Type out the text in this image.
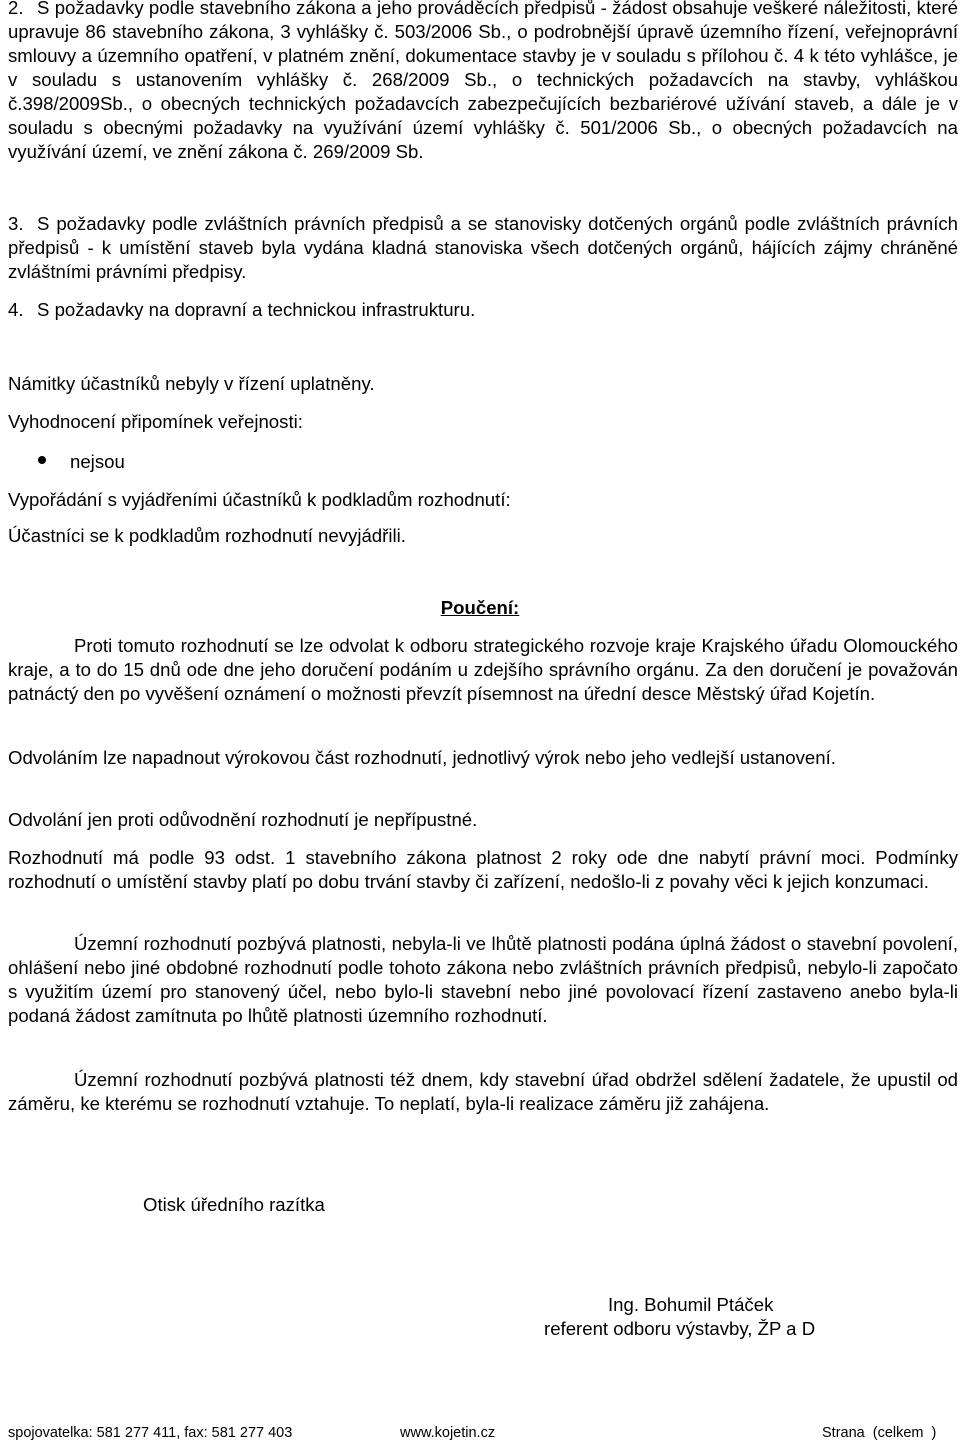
2. S požadavky podle stavebního zákona a jeho prováděcích předpisů - žádost obsahuje veškeré náležitosti, které upravuje 86 stavebního zákona, 3 vyhlášky č. 503/2006 Sb., o podrobnější úpravě územního řízení, veřejnoprávní smlouvy a územního opatření, v platném znění, dokumentace stavby je v souladu s přílohou č. 4 k této vyhlášce, je v souladu s ustanovením vyhlášky č. 268/2009 Sb., o technických požadavcích na stavby, vyhláškou č.398/2009Sb., o obecných technických požadavcích zabezpečujících bezbariérové užívání staveb, a dále je v souladu s obecnými požadavky na využívání území vyhlášky č. 501/2006 Sb., o obecných požadavcích na využívání území, ve znění zákona č. 269/2009 Sb.

3. S požadavky podle zvláštních právních předpisů a se stanovisky dotčených orgánů podle zvláštních právních předpisů - k umístění staveb byla vydána kladná stanoviska všech dotčených orgánů, hájících zájmy chráněné zvláštními právními předpisy.

4. S požadavky na dopravní a technickou infrastrukturu.

Námitky účastníků nebyly v řízení uplatněny.

Vyhodnocení připomínek veřejnosti:

nejsou

Vypořádání s vyjádřeními účastníků k podkladům rozhodnutí:

Účastníci se k podkladům rozhodnutí nevyjádřili.

Poučení:

Proti tomuto rozhodnutí se lze odvolat k odboru strategického rozvoje kraje Krajského úřadu Olomouckého kraje, a to do 15 dnů ode dne jeho doručení podáním u zdejšího správního orgánu. Za den doručení je považován patnáctý den po vyvěšení oznámení o možnosti převzít písemnost na úřední desce Městský úřad Kojetín.

Odvoláním lze napadnout výrokovou část rozhodnutí, jednotlivý výrok nebo jeho vedlejší ustanovení.

Odvolání jen proti odůvodnění rozhodnutí je nepřípustné.

Rozhodnutí má podle 93 odst. 1 stavebního zákona platnost 2 roky ode dne nabytí právní moci. Podmínky rozhodnutí o umístění stavby platí po dobu trvání stavby či zařízení, nedošlo-li z povahy věci k jejich konzumaci.

Územní rozhodnutí pozbývá platnosti, nebyla-li ve lhůtě platnosti podána úplná žádost o stavební povolení, ohlášení nebo jiné obdobné rozhodnutí podle tohoto zákona nebo zvláštních právních předpisů, nebylo-li započato s využitím území pro stanovený účel, nebo bylo-li stavební nebo jiné povolovací řízení zastaveno anebo byla-li podaná žádost zamítnuta po lhůtě platnosti územního rozhodnutí.

Územní rozhodnutí pozbývá platnosti též dnem, kdy stavební úřad obdržel sdělení žadatele, že upustil od záměru, ke kterému se rozhodnutí vztahuje. To neplatí, byla-li realizace záměru již zahájena.

Otisk úředního razítka
Ing. Bohumil Ptáček
referent odboru výstavby, ŽP a D
spojovatelka: 581 277 411, fax: 581 277 403	www.kojetin.cz	Strana (celkem )
